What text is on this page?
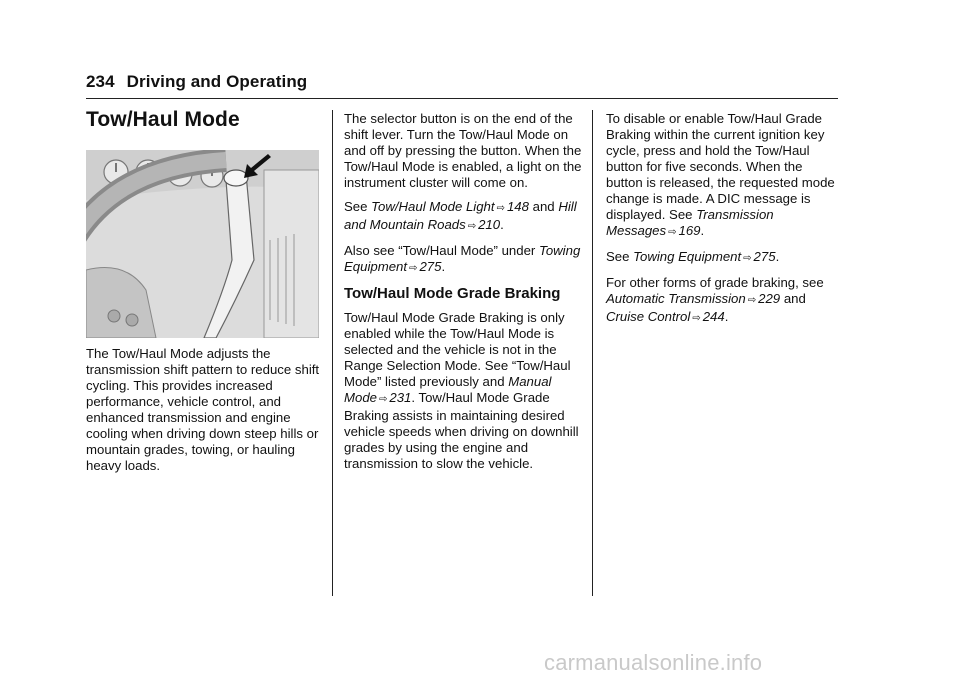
234 Driving and Operating
Tow/Haul Mode

The Tow/Haul Mode adjusts the transmission shift pattern to reduce shift cycling. This provides increased performance, vehicle control, and enhanced transmission and engine cooling when driving down steep hills or mountain grades, towing, or hauling heavy loads.

The selector button is on the end of the shift lever. Turn the Tow/Haul Mode on and off by pressing the button. When the Tow/Haul Mode is enabled, a light on the instrument cluster will come on.

See Tow/Haul Mode Light ⇨ 148 and Hill and Mountain Roads ⇨ 210.

Also see “Tow/Haul Mode” under Towing Equipment ⇨ 275.

Tow/Haul Mode Grade Braking

Tow/Haul Mode Grade Braking is only enabled while the Tow/Haul Mode is selected and the vehicle is not in the Range Selection Mode. See “Tow/Haul Mode” listed previously and Manual Mode ⇨ 231. Tow/Haul Mode Grade Braking assists in maintaining desired vehicle speeds when driving on downhill grades by using the engine and transmission to slow the vehicle.

To disable or enable Tow/Haul Grade Braking within the current ignition key cycle, press and hold the Tow/Haul button for five seconds. When the button is released, the requested mode change is made. A DIC message is displayed. See Transmission Messages ⇨ 169.

See Towing Equipment ⇨ 275.

For other forms of grade braking, see Automatic Transmission ⇨ 229 and Cruise Control ⇨ 244.

carmanualsonline.info
